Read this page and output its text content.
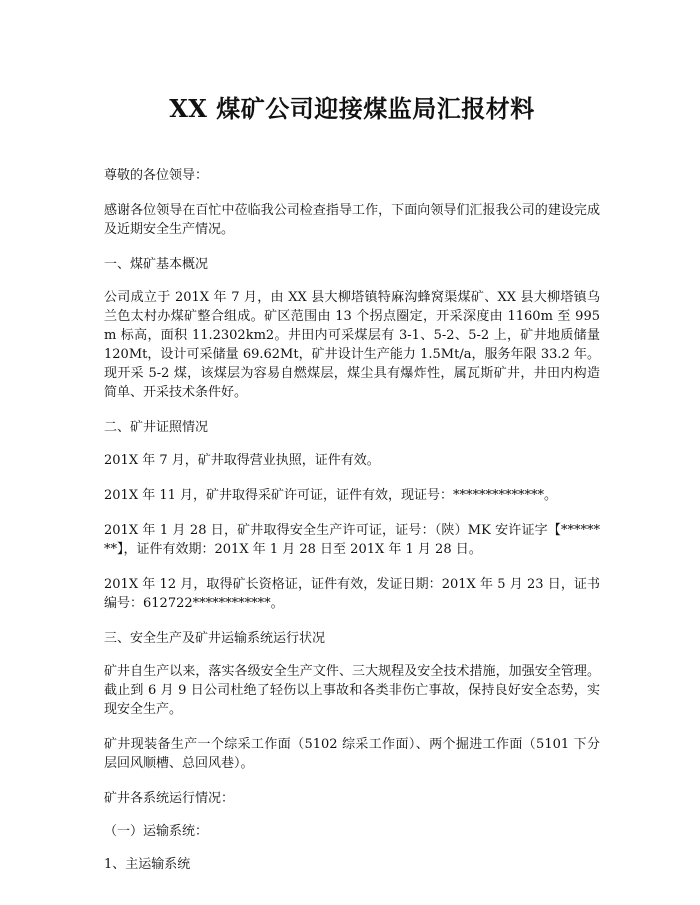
XX 煤矿公司迎接煤监局汇报材料

尊敬的各位领导：

感谢各位领导在百忙中莅临我公司检查指导工作，下面向领导们汇报我公司的建设完成及近期安全生产情况。

一、煤矿基本概况

公司成立于 201X 年 7 月，由 XX 县大柳塔镇特麻沟蜂窝渠煤矿、XX 县大柳塔镇乌兰色太村办煤矿整合组成。矿区范围由 13 个拐点圈定，开采深度由 1160m 至 995m 标高，面积 11.2302km2。井田内可采煤层有 3-1、5-2、5-2 上，矿井地质储量 120Mt，设计可采储量 69.62Mt，矿井设计生产能力 1.5Mt/a，服务年限 33.2 年。现开采 5-2 煤，该煤层为容易自燃煤层，煤尘具有爆炸性，属瓦斯矿井，井田内构造简单、开采技术条件好。

二、矿井证照情况

201X 年 7 月，矿井取得营业执照，证件有效。

201X 年 11 月，矿井取得采矿许可证，证件有效，现证号：**************。

201X 年 1 月 28 日，矿井取得安全生产许可证，证号：（陕）MK 安许证字【********】，证件有效期：201X 年 1 月 28 日至 201X 年 1 月 28 日。

201X 年 12 月，取得矿长资格证，证件有效，发证日期：201X 年 5 月 23 日，证书编号：612722************。

三、安全生产及矿井运输系统运行状况

矿井自生产以来，落实各级安全生产文件、三大规程及安全技术措施，加强安全管理。截止到 6 月 9 日公司杜绝了轻伤以上事故和各类非伤亡事故，保持良好安全态势，实现安全生产。

矿井现装备生产一个综采工作面（5102 综采工作面）、两个掘进工作面（5101 下分层回风顺槽、总回风巷）。

矿井各系统运行情况：

（一）运输系统：

1、主运输系统
